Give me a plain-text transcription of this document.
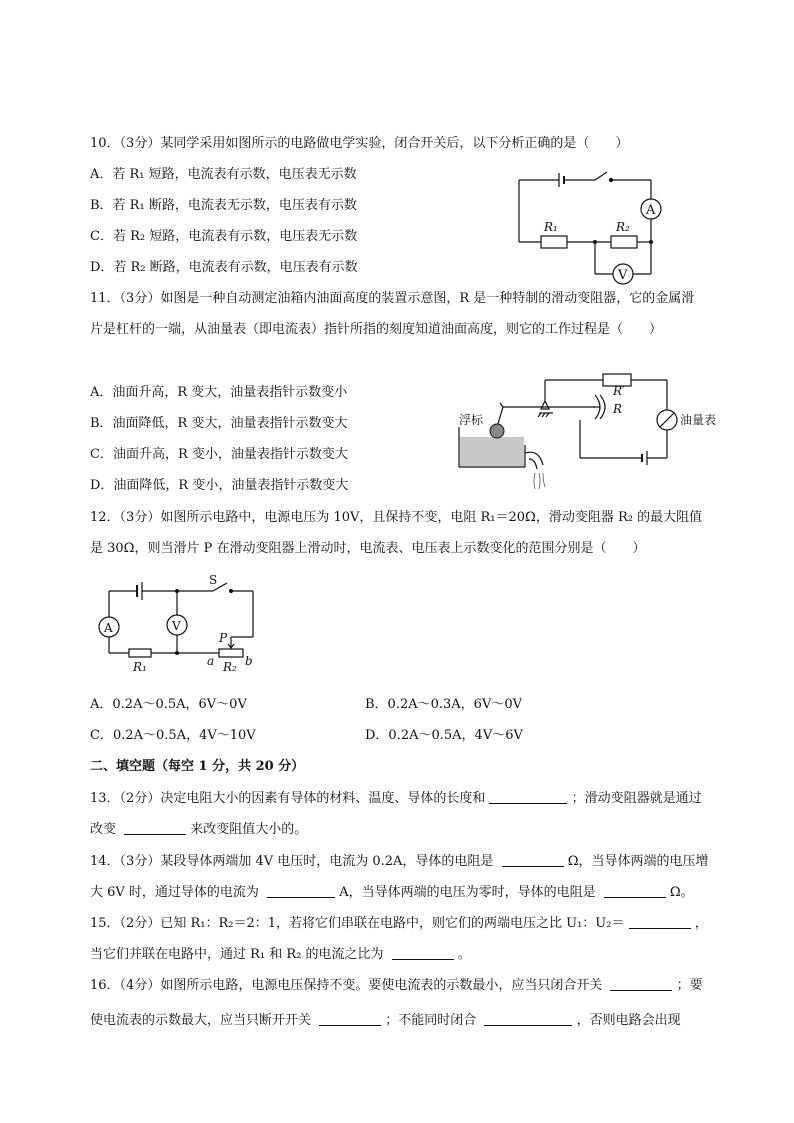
10．（3分）某同学采用如图所示的电路做电学实验，闭合开关后，以下分析正确的是（　　）
A．若 R₁ 短路，电流表有示数，电压表无示数
B．若 R₁ 断路，电流表无示数，电压表有示数
C．若 R₂ 短路，电流表有示数，电压表无示数
D．若 R₂ 断路，电流表有示数，电压表有示数
A
V
R₁	R₂
11．（3分）如图是一种自动测定油箱内油面高度的装置示意图，R 是一种特制的滑动变阻器，它的金属滑
片是杠杆的一端，从油量表（即电流表）指针所指的刻度知道油面高度，则它的工作过程是（　　）
A．油面升高，R 变大，油量表指针示数变小
B．油面降低，R 变大，油量表指针示数变大
C．油面升高，R 变小，油量表指针示数变大
D．油面降低，R 变小，油量表指针示数变大
浮标	油量表
R′
R
12．（3分）如图所示电路中，电源电压为 10V，且保持不变，电阻 R₁＝20Ω，滑动变阻器 R₂ 的最大阻值
是 30Ω，则当滑片 P 在滑动变阻器上滑动时，电流表、电压表上示数变化的范围分别是（　　）
A	V
S
R₁	R₂
P
a	b
A．0.2A～0.5A，6V～0V	B．0.2A～0.3A，6V～0V
C．0.2A～0.5A，4V～10V	D．0.2A～0.5A，4V～6V
二、填空题（每空 1 分，共 20 分）
13．（2分）决定电阻大小的因素有导体的材料、温度、导体的长度和	；滑动变阻器就是通过
改变	来改变阻值大小的。
14．（3分）某段导体两端加 4V 电压时，电流为 0.2A，导体的电阻是	Ω，当导体两端的电压增
大 6V 时，通过导体的电流为	A，当导体两端的电压为零时，导体的电阻是	Ω。
15．（2分）已知 R₁：R₂＝2：1，若将它们串联在电路中，则它们的两端电压之比 U₁：U₂＝	，
当它们并联在电路中，通过 R₁ 和 R₂ 的电流之比为	。
16．（4分）如图所示电路，电源电压保持不变。要使电流表的示数最小，应当只闭合开关	；要
使电流表的示数最大，应当只断开开关	；不能同时闭合	，否则电路会出现
